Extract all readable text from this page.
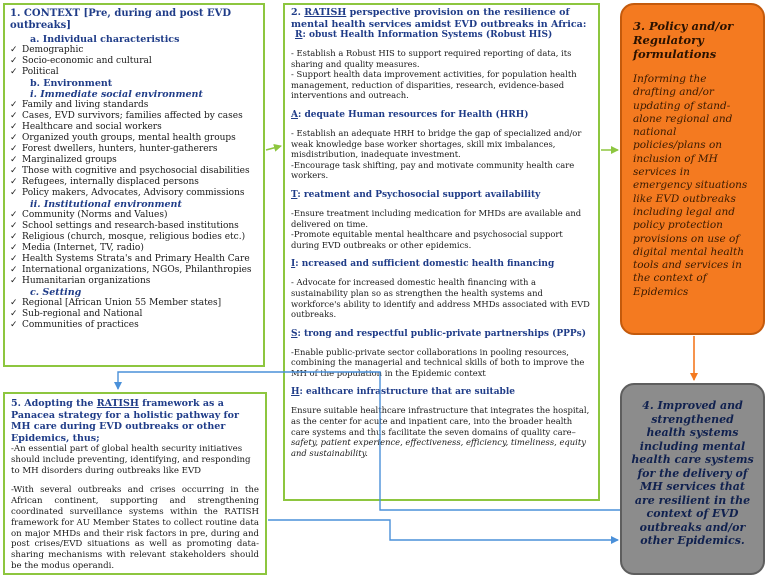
1. CONTEXT [Pre, during and post EVD outbreaks]
a. Individual characteristics
✓ Demographic
✓ Socio-economic and cultural
✓ Political
b. Environment
i. Immediate social environment
✓ Family and living standards
✓ Cases, EVD survivors; families affected by cases
✓ Healthcare and social workers
✓ Organized youth groups, mental health groups
✓ Forest dwellers, hunters, hunter-gatherers
✓ Marginalized groups
✓ Those with cognitive and psychosocial disabilities
✓ Refugees, internally displaced persons
✓ Policy makers, Advocates, Advisory commissions
ii. Institutional environment
✓ Community (Norms and Values)
✓ School settings and research-based institutions
✓ Religious (church, mosque, religious bodies etc.)
✓ Media (Internet, TV, radio)
✓ Health Systems Strata's and Primary Health Care
✓ International organizations, NGOs, Philanthropies
✓ Humanitarian organizations
c. Setting
✓ Regional [African Union 55 Member states]
✓ Sub-regional and National
✓ Communities of practices
2. RATISH perspective provision on the resilience of mental health services amidst EVD outbreaks in Africa:
R: obust Health Information Systems (Robust HIS)
- Establish a Robust HIS to support required reporting of data, its sharing and quality measures.
- Support health data improvement activities, for population health management, reduction of disparities, research, evidence-based interventions and outreach.
A: dequate Human resources for Health (HRH)
- Establish an adequate HRH to bridge the gap of specialized and/or weak knowledge base worker shortages, skill mix imbalances, misdistribution, inadequate investment.
-Encourage task shifting, pay and motivate community health care workers.
T: reatment and Psychosocial support availability
-Ensure treatment including medication for MHDs are available and delivered on time.
-Promote equitable mental healthcare and psychosocial support during EVD outbreaks or other epidemics.
I: ncreased and sufficient domestic health financing
- Advocate for increased domestic health financing with a sustainability plan so as strengthen the health systems and workforce's ability to identify and address MHDs associated with EVD outbreaks.
S: trong and respectful public-private partnerships (PPPs)
-Enable public-private sector collaborations in pooling resources, combining the managerial and technical skills of both to improve the MH of the population in the Epidemic context
H: ealthcare infrastructure that are suitable
Ensure suitable healthcare infrastructure that integrates the hospital, as the center for acute and inpatient care, into the broader health care systems and thus facilitate the seven domains of quality care– safety, patient experience, effectiveness, efficiency, timeliness, equity and sustainability.
3. Policy and/or Regulatory formulations
Informing the drafting and/or updating of stand-alone regional and national policies/plans on inclusion of MH services in emergency situations like EVD outbreaks including legal and policy protection provisions on use of digital mental health tools and services in the context of Epidemics
4. Improved and strengthened health systems including mental health care systems for the delivery of MH services that are resilient in the context of EVD outbreaks and/or other Epidemics.
5. Adopting the RATISH framework as a Panacea strategy for a holistic pathway for MH care during EVD outbreaks or other Epidemics, thus;
-An essential part of global health security initiatives should include preventing, identifying, and responding to MH disorders during outbreaks like EVD
-With several outbreaks and crises occurring in the African continent, supporting and strengthening coordinated surveillance systems within the RATISH framework for AU Member States to collect routine data on major MHDs and their risk factors in pre, during and post crises/EVD situations as well as promoting data-sharing mechanisms with relevant stakeholders should be the modus operandi.
